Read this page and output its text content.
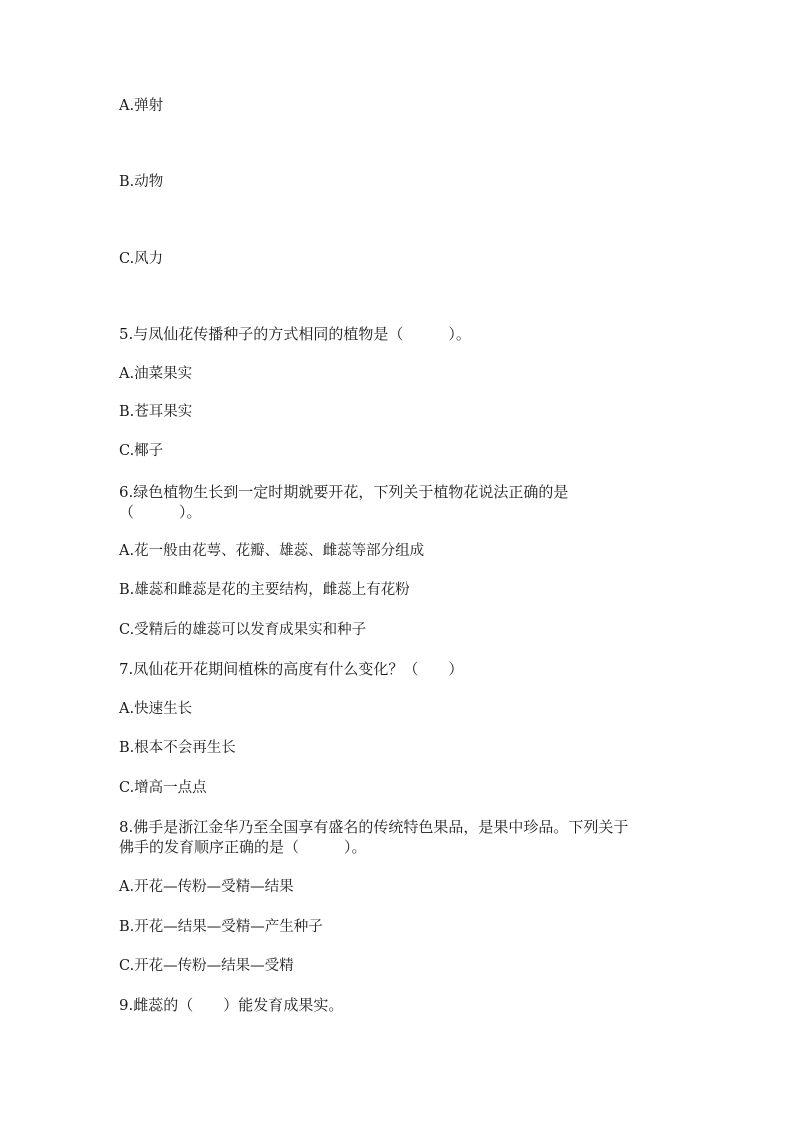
A.弹射

B.动物

C.风力

5.与凤仙花传播种子的方式相同的植物是（　　　）。

A.油菜果实

B.苍耳果实

C.椰子

6.绿色植物生长到一定时期就要开花，下列关于植物花说法正确的是

（　　　）。

A.花一般由花萼、花瓣、雄蕊、雌蕊等部分组成

B.雄蕊和雌蕊是花的主要结构，雌蕊上有花粉

C.受精后的雄蕊可以发育成果实和种子

7.凤仙花开花期间植株的高度有什么变化？（　　）

A.快速生长

B.根本不会再生长

C.增高一点点

8.佛手是浙江金华乃至全国享有盛名的传统特色果品，是果中珍品。下列关于

佛手的发育顺序正确的是（　　　）。

A.开花—传粉—受精—结果

B.开花—结果—受精—产生种子

C.开花—传粉—结果—受精

9.雌蕊的（　　）能发育成果实。
